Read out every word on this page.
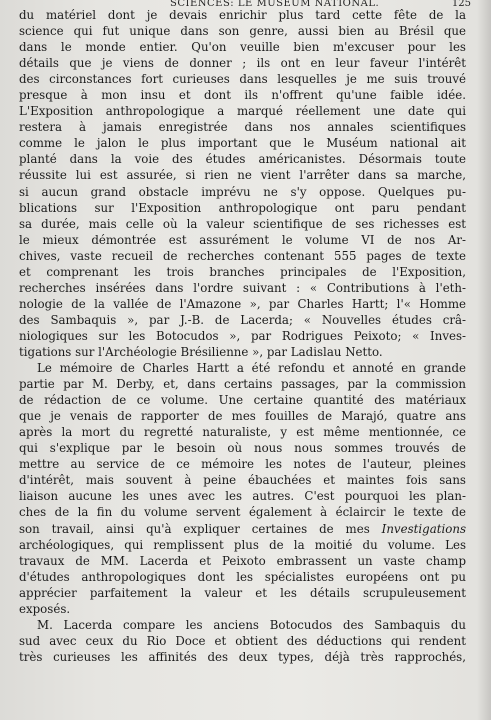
SCIENCES: LE MUSEUM NATIONAL.	125
du matériel dont je devais enrichir plus tard cette fête de la
science qui fut unique dans son genre, aussi bien au Brésil que
dans le monde entier. Qu'on veuille bien m'excuser pour les
détails que je viens de donner ; ils ont en leur faveur l'intérêt
des circonstances fort curieuses dans lesquelles je me suis trouvé
presque à mon insu et dont ils n'offrent qu'une faible idée.
L'Exposition anthropologique a marqué réellement une date qui
restera à jamais enregistrée dans nos annales scientifiques
comme le jalon le plus important que le Muséum national ait
planté dans la voie des études américanistes. Désormais toute
réussite lui est assurée, si rien ne vient l'arrêter dans sa marche,
si aucun grand obstacle imprévu ne s'y oppose. Quelques pu-
blications sur l'Exposition anthropologique ont paru pendant
sa durée, mais celle où la valeur scientifique de ses richesses est
le mieux démontrée est assurément le volume VI de nos Ar-
chives, vaste recueil de recherches contenant 555 pages de texte
et comprenant les trois branches principales de l'Exposition,
recherches insérées dans l'ordre suivant : « Contributions à l'eth-
nologie de la vallée de l'Amazone », par Charles Hartt; l'« Homme
des Sambaquis », par J.-B. de Lacerda; « Nouvelles études crâ-
niologiques sur les Botocudos », par Rodrigues Peixoto; « Inves-
tigations sur l'Archéologie Brésilienne », par Ladislau Netto.
Le mémoire de Charles Hartt a été refondu et annoté en grande
partie par M. Derby, et, dans certains passages, par la commission
de rédaction de ce volume. Une certaine quantité des matériaux
que je venais de rapporter de mes fouilles de Marajó, quatre ans
après la mort du regretté naturaliste, y est même mentionnée, ce
qui s'explique par le besoin où nous nous sommes trouvés de
mettre au service de ce mémoire les notes de l'auteur, pleines
d'intérêt, mais souvent à peine ébauchées et maintes fois sans
liaison aucune les unes avec les autres. C'est pourquoi les plan-
ches de la fin du volume servent également à éclaircir le texte de
son travail, ainsi qu'à expliquer certaines de mes Investigations
archéologiques, qui remplissent plus de la moitié du volume. Les
travaux de MM. Lacerda et Peixoto embrassent un vaste champ
d'études anthropologiques dont les spécialistes européens ont pu
apprécier parfaitement la valeur et les détails scrupuleusement
exposés.
M. Lacerda compare les anciens Botocudos des Sambaquis du
sud avec ceux du Rio Doce et obtient des déductions qui rendent
très curieuses les affinités des deux types, déjà très rapprochés,
